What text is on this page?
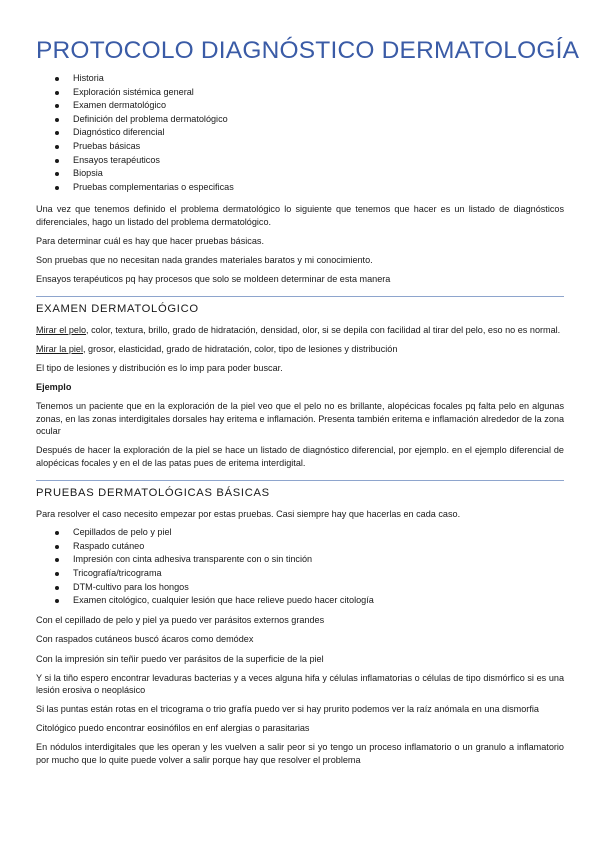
PROTOCOLO DIAGNÓSTICO DERMATOLOGÍA
Historia
Exploración sistémica general
Examen dermatológico
Definición del problema dermatológico
Diagnóstico diferencial
Pruebas básicas
Ensayos terapéuticos
Biopsia
Pruebas complementarias o especificas

Una vez que tenemos definido el problema dermatológico lo siguiente que tenemos que hacer es un listado de diagnósticos diferenciales, hago un listado del problema dermatológico.

Para determinar cuál es hay que hacer pruebas básicas.

Son pruebas que no necesitan nada grandes materiales baratos y mi conocimiento.

Ensayos terapéuticos pq hay procesos que solo se moldeen determinar de esta manera

EXAMEN DERMATOLÓGICO

Mirar el pelo, color, textura, brillo, grado de hidratación, densidad, olor, si se depila con facilidad al tirar del pelo, eso no es normal.

Mirar la piel, grosor, elasticidad, grado de hidratación, color, tipo de lesiones y distribución

El tipo de lesiones y distribución es lo imp para poder buscar.

Ejemplo

Tenemos un paciente que en la exploración de la piel veo que el pelo no es brillante, alopécicas focales pq falta pelo en algunas zonas, en las zonas interdigitales dorsales hay eritema e inflamación. Presenta también eritema e inflamación alrededor de la zona ocular

Después de hacer la exploración de la piel se hace un listado de diagnóstico diferencial, por ejemplo. en el ejemplo diferencial de alopécicas focales y en el de las patas pues de eritema interdigital.

PRUEBAS DERMATOLÓGICAS BÁSICAS

Para resolver el caso necesito empezar por estas pruebas. Casi siempre hay que hacerlas en cada caso.

Cepillados de pelo y piel
Raspado cutáneo
Impresión con cinta adhesiva transparente con o sin tinción
Tricografía/tricograma
DTM-cultivo para los hongos
Examen citológico, cualquier lesión que hace relieve puedo hacer citología

Con el cepillado de pelo y piel ya puedo ver parásitos externos grandes

Con raspados cutáneos buscó ácaros como demódex

Con la impresión sin teñir puedo ver parásitos de la superficie de la piel

Y si la tiño espero encontrar levaduras bacterias y a veces alguna hifa y células inflamatorias o células de tipo dismórfico si es una lesión erosiva o neoplásico

Si las puntas están rotas en el tricograma o trio grafía puedo ver si hay prurito podemos ver la raíz anómala en una dismorfia

Citológico puedo encontrar eosinófilos en enf alergias o parasitarias

En nódulos interdigitales que les operan y les vuelven a salir peor si yo tengo un proceso inflamatorio o un granulo a inflamatorio por mucho que lo quite puede volver a salir porque hay que resolver el problema
